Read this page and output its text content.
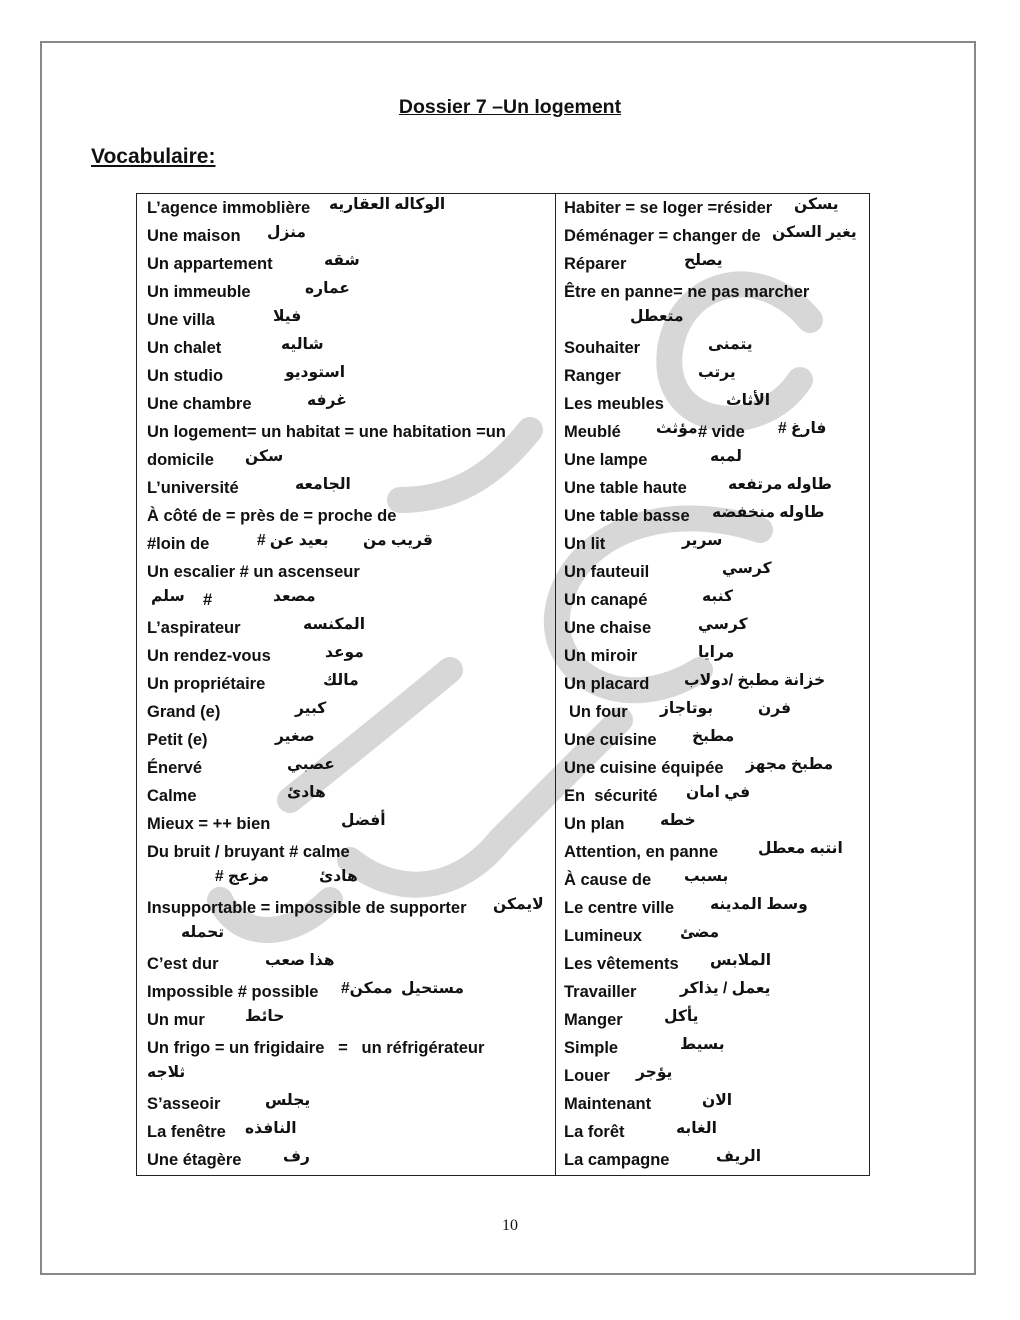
Dossier 7 –Un logement
Vocabulaire:
L’agence immoblière الوكاله العقاريه
Une maison منزل
Un appartement	شقه
Un immeuble	عماره
Une villa	فيلا
Un chalet	شاليه
Un studio	استوديو
Une chambre	غرفه
Un logement= un habitat = une habitation =un
domicile سكن
L’université	الجامعه
À côté de = près de = proche de
#loin de	بعيد عن # قريب من
Un escalier # un ascenseur
سلم #	مصعد
L’aspirateur	المكنسه
Un rendez-vous	موعد
Un propriétaire	مالك
Grand (e)	كبير
Petit (e)	صغير
Énervé	عصبي
Calme	هادئ
Mieux = ++ bien	أفضل
Du bruit / bruyant # calme
مزعج #	هادئ
Insupportable = impossible de supporter لايمكن
تحمله
C’est dur	هذا صعب
Impossible # possible ممكن# مستحيل
Un mur	حائط
Un frigo = un frigidaire   =   un réfrigérateur
ثلاجه
S’asseoir	يجلس
La fenêtre النافذه
Une étagère	رف
Habiter = se loger =résider يسكن
Déménager = changer de يغير السكن
Réparer	يصلح
Être en panne= ne pas marcher
متعطل
Souhaiter	يتمنى
Ranger	يرتب
Les meubles	الأثاث
Meublé مؤثث # vide فارغ #
Une lampe	لمبه
Une table haute	طاوله مرتفعه
Une table basse طاوله منخفضه
Un lit	سرير
Un fauteuil	كرسي
Un canapé	كنبه
Une chaise	كرسي
Un miroir	مرايا
Un placard خزانة مطبخ /دولاب
Un four بوتاجاز	فرن
Une cuisine مطبخ
Une cuisine équipée مطبخ مجهز
En  sécurité في امان
Un plan خطه
Attention, en panne	انتبه معطل
À cause de بسبب
Le centre ville وسط المدينه
Lumineux مضئ
Les vêtements الملابس
Travailler	يعمل / يذاكر
Manger	يأكل
Simple	بسيط
Louer يؤجر
Maintenant	الان
La forêt	الغابه
La campagne	الريف
10
